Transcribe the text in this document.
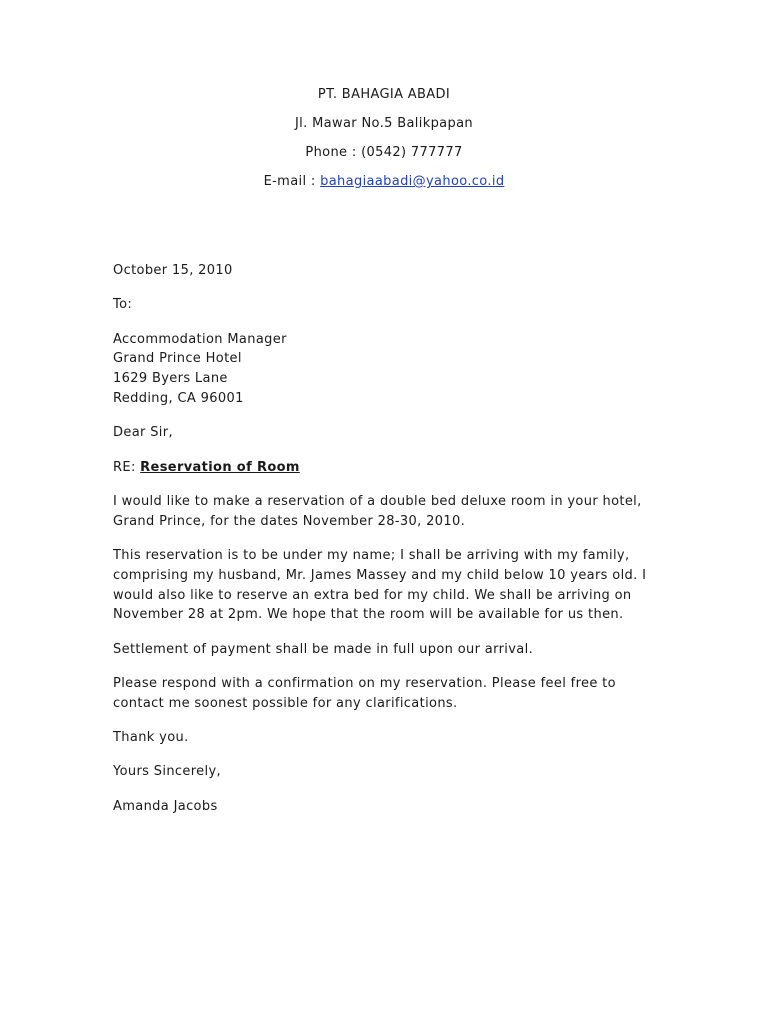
PT. BAHAGIA ABADI
Jl. Mawar No.5 Balikpapan
Phone : (0542) 777777
E-mail : bahagiaabadi@yahoo.co.id

October 15, 2010

To:

Accommodation Manager
Grand Prince Hotel
1629 Byers Lane
Redding, CA 96001

Dear Sir,

RE: Reservation of Room

I would like to make a reservation of a double bed deluxe room in your hotel, Grand Prince, for the dates November 28-30, 2010.

This reservation is to be under my name; I shall be arriving with my family, comprising my husband, Mr. James Massey and my child below 10 years old. I would also like to reserve an extra bed for my child. We shall be arriving on November 28 at 2pm. We hope that the room will be available for us then.

Settlement of payment shall be made in full upon our arrival.

Please respond with a confirmation on my reservation. Please feel free to contact me soonest possible for any clarifications.

Thank you.

Yours Sincerely,

Amanda Jacobs
